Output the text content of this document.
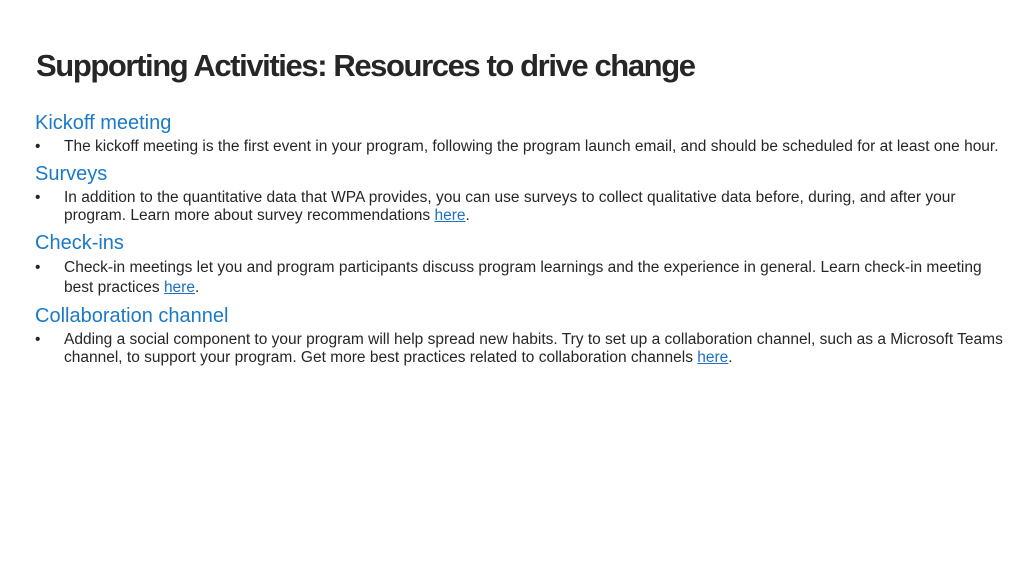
Supporting Activities: Resources to drive change
Kickoff meeting
• The kickoff meeting is the first event in your program, following the program launch email, and should be scheduled for at least one hour.
Surveys
• In addition to the quantitative data that WPA provides, you can use surveys to collect qualitative data before, during, and after your program. Learn more about survey recommendations here.
Check-ins
• Check-in meetings let you and program participants discuss program learnings and the experience in general. Learn check-in meeting best practices here.
Collaboration channel
• Adding a social component to your program will help spread new habits. Try to set up a collaboration channel, such as a Microsoft Teams channel, to support your program. Get more best practices related to collaboration channels here.
